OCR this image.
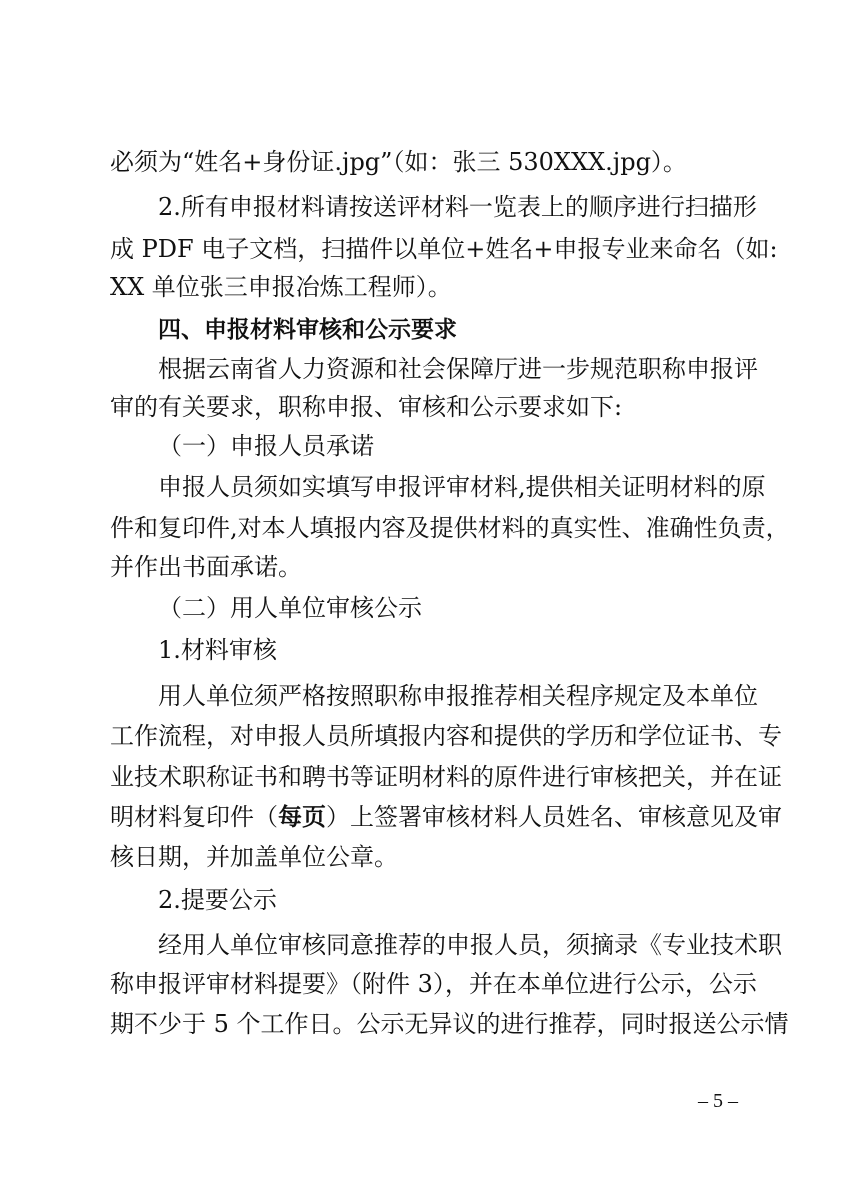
必须为“姓名+身份证.jpg”（如：张三 530XXX.jpg）。
2.所有申报材料请按送评材料一览表上的顺序进行扫描形
成 PDF 电子文档，扫描件以单位+姓名+申报专业来命名（如:
XX 单位张三申报冶炼工程师）。
四、申报材料审核和公示要求
根据云南省人力资源和社会保障厅进一步规范职称申报评
审的有关要求，职称申报、审核和公示要求如下:
（一）申报人员承诺
申报人员须如实填写申报评审材料,提供相关证明材料的原
件和复印件,对本人填报内容及提供材料的真实性、准确性负责，
并作出书面承诺。
（二）用人单位审核公示
1.材料审核
用人单位须严格按照职称申报推荐相关程序规定及本单位
工作流程，对申报人员所填报内容和提供的学历和学位证书、专
业技术职称证书和聘书等证明材料的原件进行审核把关，并在证
明材料复印件（每页）上签署审核材料人员姓名、审核意见及审
核日期，并加盖单位公章。
2.提要公示
经用人单位审核同意推荐的申报人员，须摘录《专业技术职
称申报评审材料提要》（附件 3），并在本单位进行公示，公示
期不少于 5 个工作日。公示无异议的进行推荐，同时报送公示情
– 5 –
